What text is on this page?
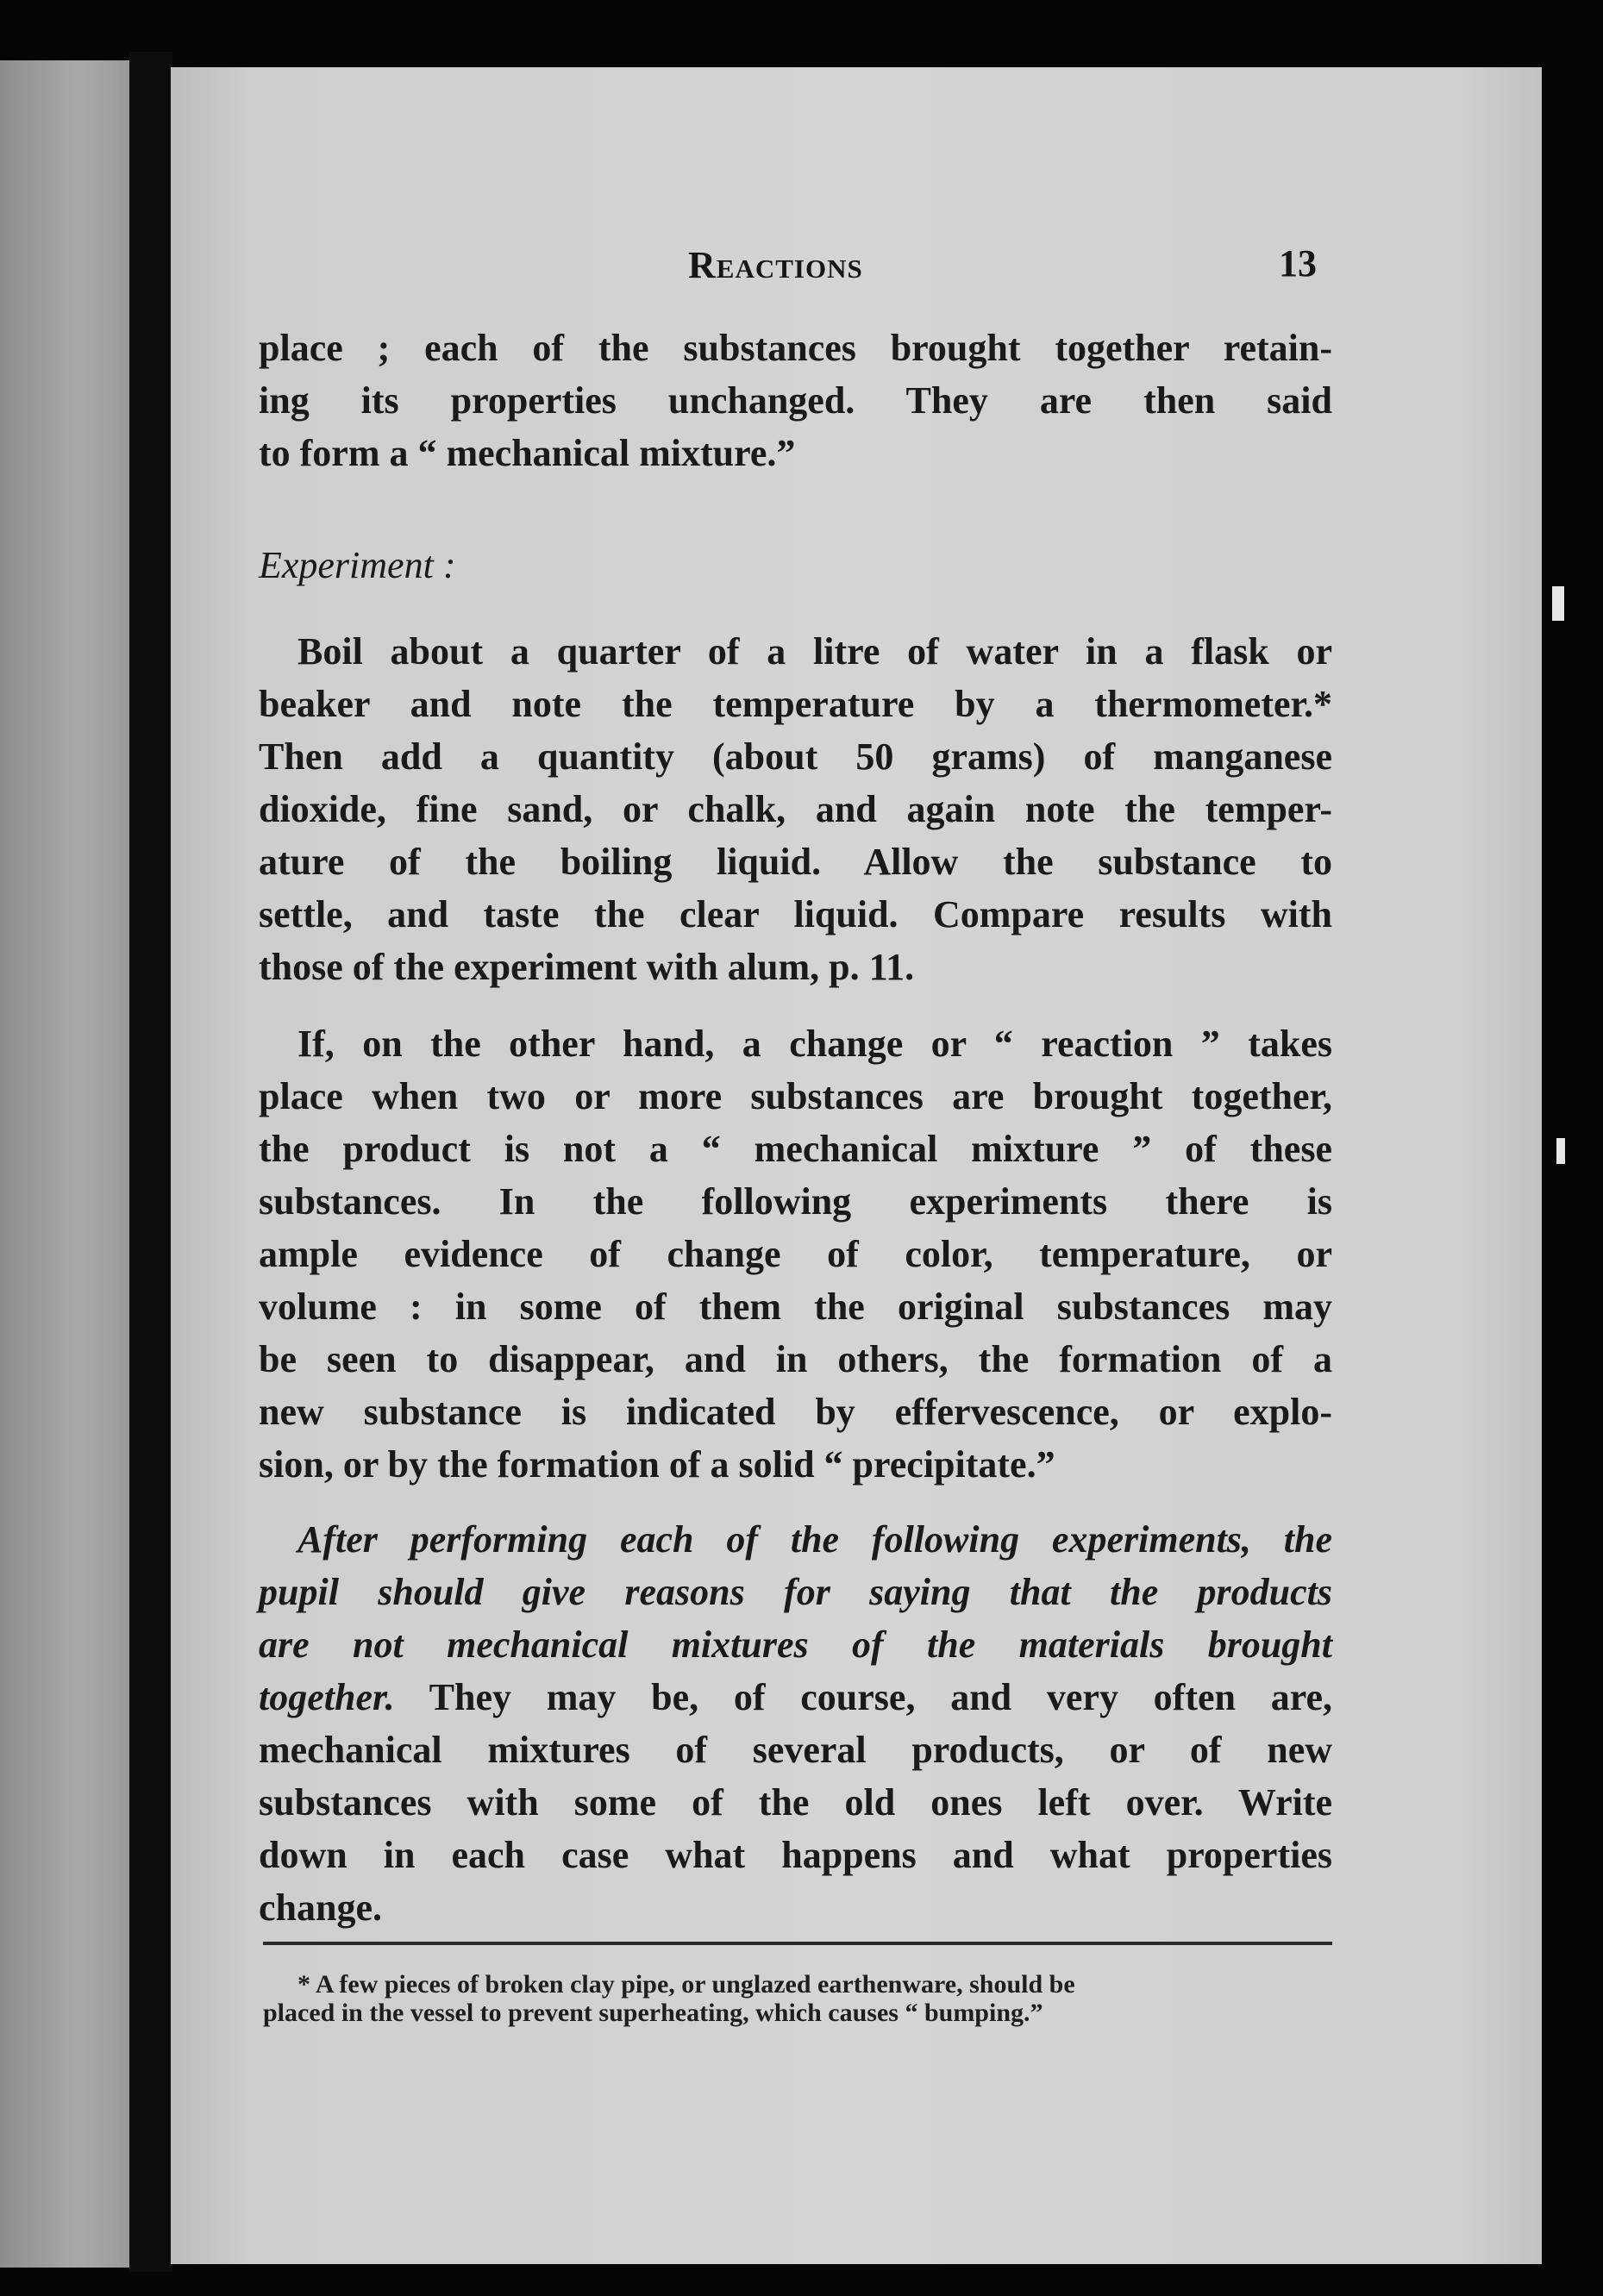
Reactions	13
place ; each of the substances brought together retain-
ing its properties unchanged. They are then said
to form a “ mechanical mixture.”
Experiment :
Boil about a quarter of a litre of water in a flask or
beaker and note the temperature by a thermometer.*
Then add a quantity (about 50 grams) of manganese
dioxide, fine sand, or chalk, and again note the temper-
ature of the boiling liquid. Allow the substance to
settle, and taste the clear liquid. Compare results with
those of the experiment with alum, p. 11.
If, on the other hand, a change or “ reaction ” takes
place when two or more substances are brought together,
the product is not a “ mechanical mixture ” of these
substances. In the following experiments there is
ample evidence of change of color, temperature, or
volume : in some of them the original substances may
be seen to disappear, and in others, the formation of a
new substance is indicated by effervescence, or explo-
sion, or by the formation of a solid “ precipitate.”
After performing each of the following experiments, the
pupil should give reasons for saying that the products
are not mechanical mixtures of the materials brought
together. They may be, of course, and very often are,
mechanical mixtures of several products, or of new
substances with some of the old ones left over. Write
down in each case what happens and what properties
change.
* A few pieces of broken clay pipe, or unglazed earthenware, should be
placed in the vessel to prevent superheating, which causes “ bumping.”
